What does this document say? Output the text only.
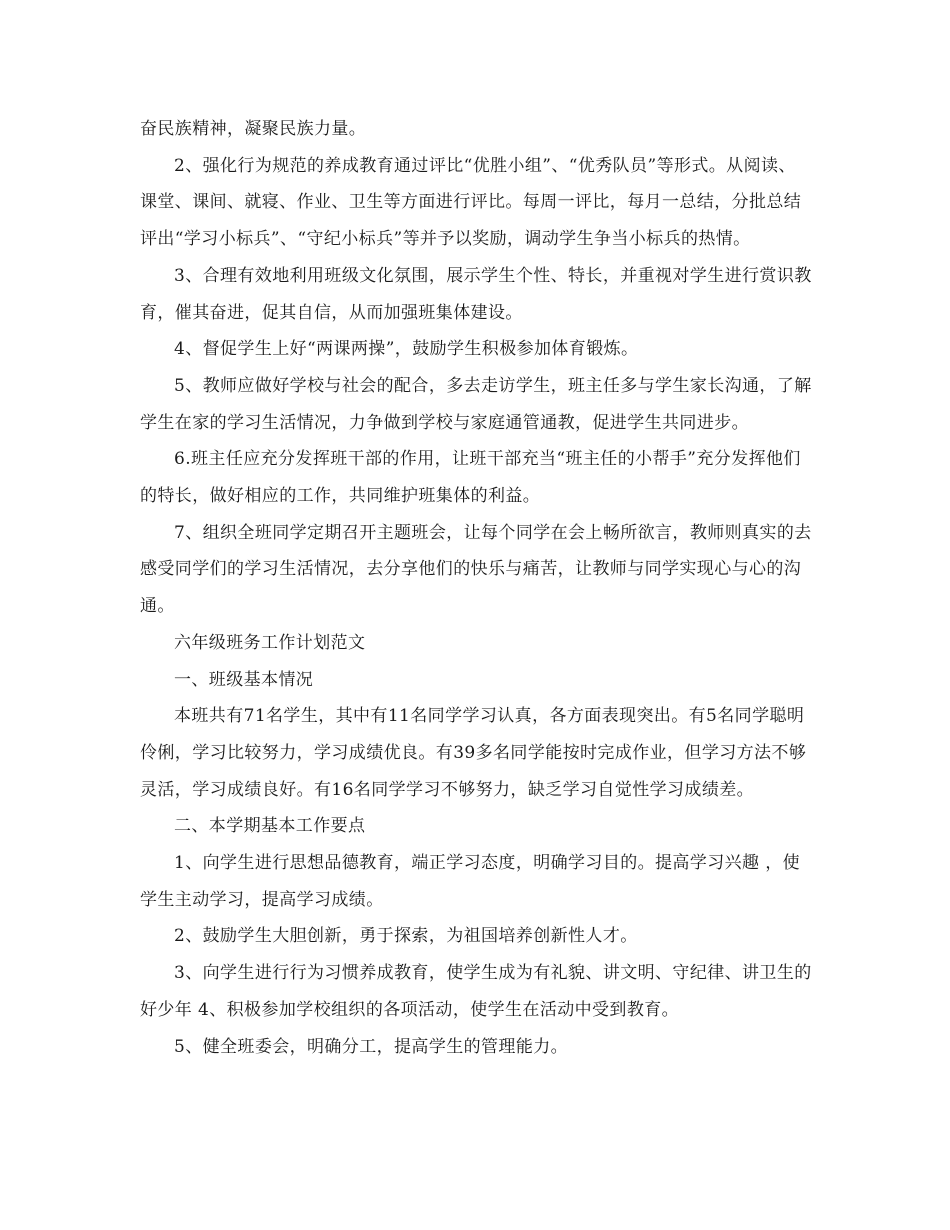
奋民族精神，凝聚民族力量。

2、强化行为规范的养成教育通过评比“优胜小组”、“优秀队员”等形式。从阅读、课堂、课间、就寝、作业、卫生等方面进行评比。每周一评比，每月一总结，分批总结评出“学习小标兵”、“守纪小标兵”等并予以奖励，调动学生争当小标兵的热情。

3、合理有效地利用班级文化氛围，展示学生个性、特长，并重视对学生进行赏识教育，催其奋进，促其自信，从而加强班集体建设。

4、督促学生上好“两课两操”，鼓励学生积极参加体育锻炼。

5、教师应做好学校与社会的配合，多去走访学生，班主任多与学生家长沟通，了解学生在家的学习生活情况，力争做到学校与家庭通管通教，促进学生共同进步。

6.班主任应充分发挥班干部的作用，让班干部充当“班主任的小帮手”充分发挥他们的特长，做好相应的工作，共同维护班集体的利益。

7、组织全班同学定期召开主题班会，让每个同学在会上畅所欲言，教师则真实的去感受同学们的学习生活情况，去分享他们的快乐与痛苦，让教师与同学实现心与心的沟通。

六年级班务工作计划范文

一、班级基本情况

本班共有71名学生，其中有11名同学学习认真，各方面表现突出。有5名同学聪明伶俐，学习比较努力，学习成绩优良。有39多名同学能按时完成作业，但学习方法不够灵活，学习成绩良好。有16名同学学习不够努力，缺乏学习自觉性学习成绩差。

二、本学期基本工作要点

1、向学生进行思想品德教育，端正学习态度，明确学习目的。提高学习兴趣 ，使学生主动学习，提高学习成绩。

2、鼓励学生大胆创新，勇于探索，为祖国培养创新性人才。

3、向学生进行行为习惯养成教育，使学生成为有礼貌、讲文明、守纪律、讲卫生的好少年 4、积极参加学校组织的各项活动，使学生在活动中受到教育。

5、健全班委会，明确分工，提高学生的管理能力。
